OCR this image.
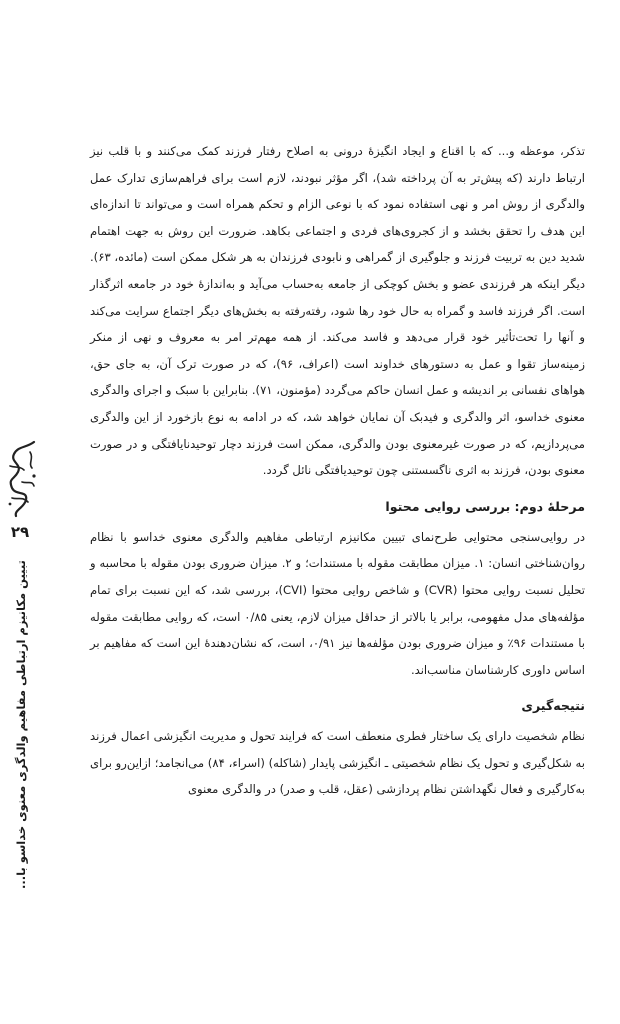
تذکر، موعظه و... که با اقناع و ایجاد انگیزهٔ درونی به اصلاح رفتار فرزند کمک می‌کنند و با قلب نیز ارتباط دارند (که پیش‌تر به آن پرداخته شد)، اگر مؤثر نبودند، لازم است برای فراهم‌سازی تدارک عمل والدگری از روش امر و نهی استفاده نمود که با نوعی الزام و تحکم همراه است و می‌تواند تا اندازه‌ای این هدف را تحقق بخشد و از کجروی‌های فردی و اجتماعی بکاهد. ضرورت این روش به جهت اهتمام شدید دین به تربیت فرزند و جلوگیری از گمراهی و نابودی فرزندان به هر شکل ممکن است (مائده، ۶۳). دیگر اینکه هر فرزندی عضو و بخش کوچکی از جامعه به‌حساب می‌آید و به‌اندازهٔ خود در جامعه اثرگذار است. اگر فرزند فاسد و گمراه به حال خود رها شود، رفته‌رفته به بخش‌های دیگر اجتماع سرایت می‌کند و آنها را تحت‌تأثیر خود قرار می‌دهد و فاسد می‌کند. از همه مهم‌تر امر به معروف و نهی از منکر زمینه‌ساز تقوا و عمل به دستورهای خداوند است (اعراف، ۹۶)، که در صورت ترک آن، به جای حق، هواهای نفسانی بر اندیشه و عمل انسان حاکم می‌گردد (مؤمنون، ۷۱). بنابراین با سبک و اجرای والدگری معنوی خداسو، اثر والدگری و فیدبک آن نمایان خواهد شد، که در ادامه به نوع بازخورد از این والدگری می‌پردازیم، که در صورت غیرمعنوی بودن والدگری، ممکن است فرزند دچار توحیدنایافتگی و در صورت معنوی بودن، فرزند به اثری ناگسستنی چون توحیدیافتگی نائل گردد.

مرحلهٔ دوم: بررسی روایی محتوا

در روایی‌سنجی محتوایی طرح‌نمای تبیین مکانیزم ارتباطی مفاهیم والدگری معنوی خداسو با نظام روان‌شناختی انسان: ۱. میزان مطابقت مقوله با مستندات؛ و ۲. میزان ضروری بودن مقوله با محاسبه و تحلیل نسبت روایی محتوا (CVR) و شاخص روایی محتوا (CVI)، بررسی شد، که این نسبت برای تمام مؤلفه‌های مدل مفهومی، برابر یا بالاتر از حداقل میزان لازم، یعنی ۰/۸۵ است، که روایی مطابقت مقوله با مستندات ۹۶٪ و میزان ضروری بودن مؤلفه‌ها نیز ۰/۹۱، است، که نشان‌دهندهٔ این است که مفاهیم بر اساس داوری کارشناسان مناسب‌اند.

نتیجه‌گیری

نظام شخصیت دارای یک ساختار فطری منعطف است که فرایند تحول و مدیریت انگیزشی اعمال فرزند به شکل‌گیری و تحول یک نظام شخصیتی ـ انگیزشی پایدار (شاکله) (اسراء، ۸۴) می‌انجامد؛ ازاین‌رو برای به‌کارگیری و فعال نگهداشتن نظام پردازشی (عقل، قلب و صدر) در والدگری معنوی

۲۹
تبیین مکانیزم ارتباطی مفاهیم والدگری معنوی خداسو با...
